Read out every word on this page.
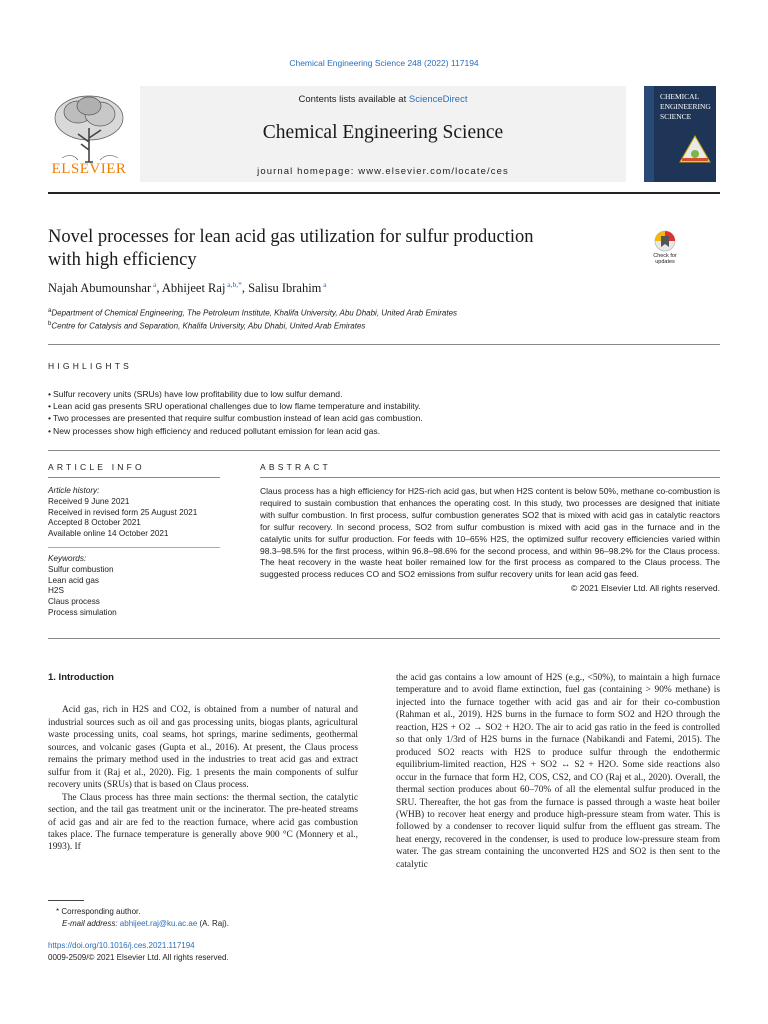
Chemical Engineering Science 248 (2022) 117194
ELSEVIER
Contents lists available at ScienceDirect
Chemical Engineering Science
journal homepage: www.elsevier.com/locate/ces
CHEMICAL
ENGINEERING
SCIENCE
Novel processes for lean acid gas utilization for sulfur production
with high efficiency	Check for
updates
Najah Abumounshar $^a$, Abhijeet Raj $^{a,b,*}$, Salisu Ibrahim $^a$
$^a$Department of Chemical Engineering, The Petroleum Institute, Khalifa University, Abu Dhabi, United Arab Emirates
$^b$Centre for Catalysis and Separation, Khalifa University, Abu Dhabi, United Arab Emirates
HIGHLIGHTS
• Sulfur recovery units (SRUs) have low profitability due to low sulfur demand.
• Lean acid gas presents SRU operational challenges due to low flame temperature and instability.
• Two processes are presented that require sulfur combustion instead of lean acid gas combustion.
• New processes show high efficiency and reduced pollutant emission for lean acid gas.
ARTICLE INFO	ABSTRACT
Article history:
Received 9 June 2021
Received in revised form 25 August 2021
Accepted 8 October 2021
Available online 14 October 2021
Keywords:
Sulfur combustion
Lean acid gas
H2S
Claus process
Process simulation
Claus process has a high efficiency for H2S-rich acid gas, but when H2S content is below 50%, methane co-combustion is required to sustain combustion that enhances the operating cost. In this study, two processes are designed that initiate with sulfur combustion. In first process, sulfur combustion generates SO2 that is mixed with acid gas in catalytic reactors for sulfur recovery. In second process, SO2 from sulfur combustion is mixed with acid gas in the furnace and in the catalytic units for sulfur production. For feeds with 10–65% H2S, the optimized sulfur recovery efficiencies varied within 98.3–98.5% for the first process, within 96.8–98.6% for the second process, and within 96–98.2% for the Claus process. The heat recovery in the waste heat boiler remained low for the first process as compared to the Claus process. The suggested process reduces CO and SO2 emissions from sulfur recovery units for lean acid gas feed.
© 2021 Elsevier Ltd. All rights reserved.

1. Introduction

Acid gas, rich in H2S and CO2, is obtained from a number of natural and industrial sources such as oil and gas processing units, biogas plants, agricultural waste processing units, coal seams, hot springs, marine sediments, geothermal sources, and volcanic gases (Gupta et al., 2016). At present, the Claus process remains the primary method used in the industries to treat acid gas and extract sulfur from it (Raj et al., 2020). Fig. 1 presents the main components of sulfur recovery units (SRUs) that is based on Claus process.

The Claus process has three main sections: the thermal section, the catalytic section, and the tail gas treatment unit or the incinerator. The pre-heated streams of acid gas and air are fed to the reaction furnace, where acid gas combustion takes place. The furnace temperature is generally above 900 °C (Monnery et al., 1993). If

the acid gas contains a low amount of H2S (e.g., <50%), to maintain a high furnace temperature and to avoid flame extinction, fuel gas (containing > 90% methane) is injected into the furnace together with acid gas and air for their co-combustion (Rahman et al., 2019). H2S burns in the furnace to form SO2 and H2O through the reaction, H2S + O2 → SO2 + H2O. The air to acid gas ratio in the feed is controlled so that only 1/3rd of H2S burns in the furnace (Nabikandi and Fatemi, 2015). The produced SO2 reacts with H2S to produce sulfur through the endothermic equilibrium-limited reaction, H2S + SO2 ↔ S2 + H2O. Some side reactions also occur in the furnace that form H2, COS, CS2, and CO (Raj et al., 2020). Overall, the thermal section produces about 60–70% of all the elemental sulfur produced in the SRU. Thereafter, the hot gas from the furnace is passed through a waste heat boiler (WHB) to recover heat energy and produce high-pressure steam from water. This is followed by a condenser to recover liquid sulfur from the effluent gas stream. The heat energy, recovered in the condenser, is used to produce low-pressure steam from water. The gas stream containing the unconverted H2S and SO2 is then sent to the catalytic

* Corresponding author.
E-mail address: abhijeet.raj@ku.ac.ae (A. Raj).
https://doi.org/10.1016/j.ces.2021.117194
0009-2509/© 2021 Elsevier Ltd. All rights reserved.
